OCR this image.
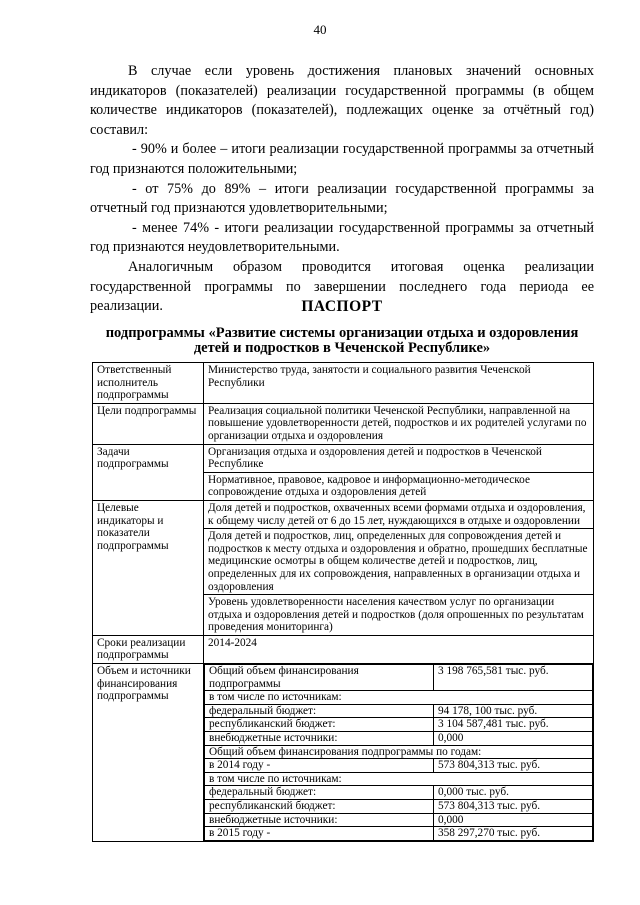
40

В случае если уровень достижения плановых значений основных индикаторов (показателей) реализации государственной программы (в общем количестве индикаторов (показателей), подлежащих оценке за отчётный год) составил:

- 90% и более – итоги реализации государственной программы за отчетный год признаются положительными;

- от 75% до 89% – итоги реализации государственной программы за отчетный год признаются удовлетворительными;

- менее 74% - итоги реализации государственной программы за отчетный год признаются неудовлетворительными.

Аналогичным образом проводится итоговая оценка реализации государственной программы по завершении последнего года периода ее реализации.	ПАСПОРТ
подпрограммы «Развитие системы организации отдыха и оздоровления детей и подростков в Чеченской Республике»
Ответственный исполнитель подпрограммы	Министерство труда, занятости и социального развития Чеченской Республики
Цели подпрограммы	Реализация социальной политики Чеченской Республики, направленной на повышение удовлетворенности детей, подростков и их родителей услугами по организации отдыха и оздоровления
Задачи подпрограммы	Организация отдыха и оздоровления детей и подростков в Чеченской Республике
Нормативное, правовое, кадровое и информационно-методическое сопровождение отдыха и оздоровления детей
Целевые индикаторы и показатели подпрограммы	Доля детей и подростков, охваченных всеми формами отдыха и оздоровления, к общему числу детей от 6 до 15 лет, нуждающихся в отдыхе и оздоровлении
Доля детей и подростков, лиц, определенных для сопровождения детей и подростков к месту отдыха и оздоровления и обратно, прошедших бесплатные медицинские осмотры в общем количестве детей и подростков, лиц, определенных для их сопровождения, направленных в организации отдыха и оздоровления
Уровень удовлетворенности населения качеством услуг по организации отдыха и оздоровления детей и подростков (доля опрошенных по результатам проведения мониторинга)
Сроки реализации подпрограммы	2014-2024
Объем и источники финансирования подпрограммы	
Общий объем финансирования подпрограммы	3 198 765,581 тыс. руб.
в том числе по источникам:
федеральный бюджет:	94 178, 100 тыс. руб.
республиканский бюджет:	3 104 587,481 тыс. руб.
внебюджетные источники:	0,000
Общий объем финансирования подпрограммы по годам:
в 2014 году -	573 804,313 тыс. руб.
в том числе по источникам:
федеральный бюджет:	0,000 тыс. руб.
республиканский бюджет:	573 804,313 тыс. руб.
внебюджетные источники:	0,000
в 2015 году -	358 297,270 тыс. руб.
